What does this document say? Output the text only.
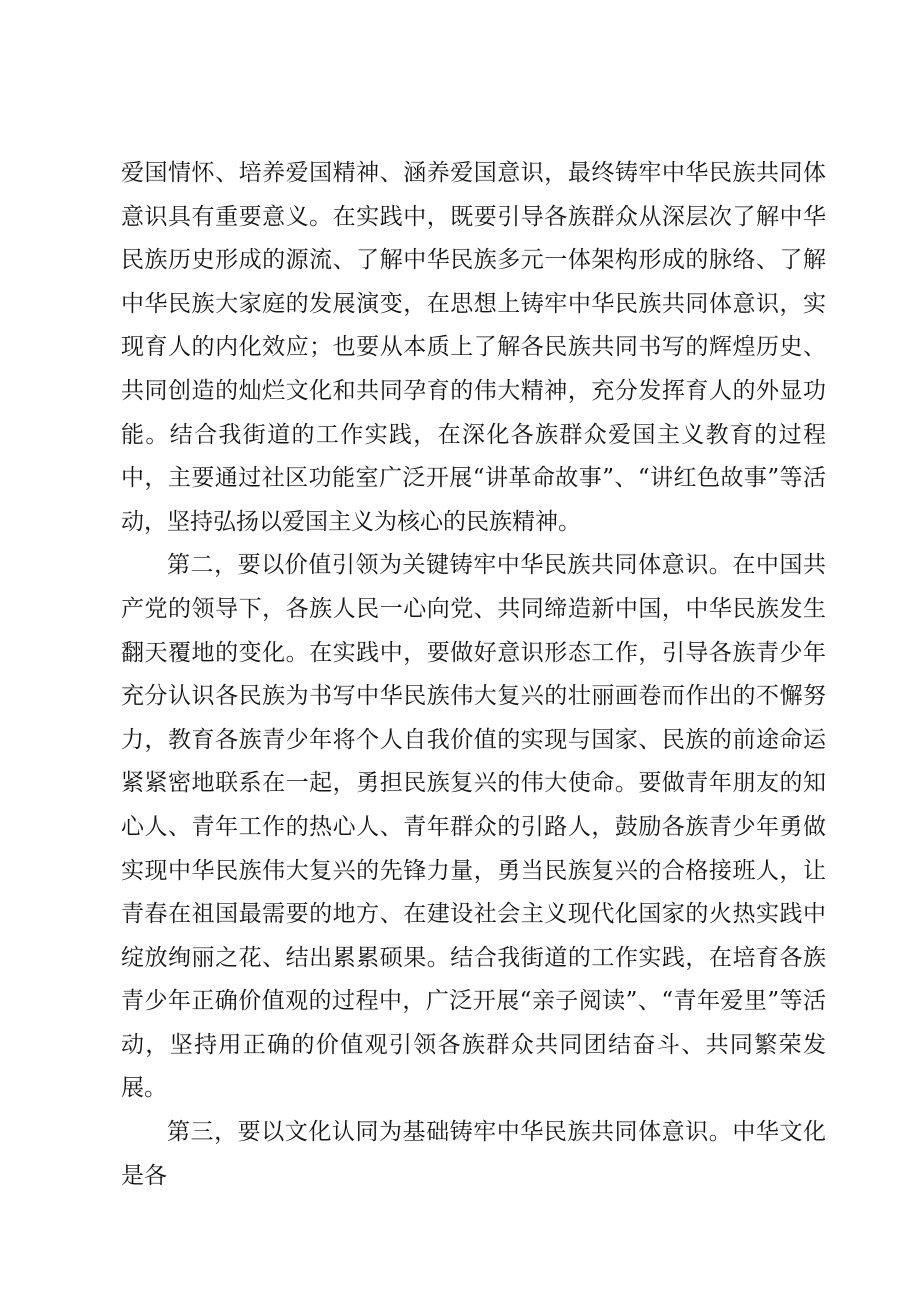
爱国情怀、培养爱国精神、涵养爱国意识，最终铸牢中华民族共同体意识具有重要意义。在实践中，既要引导各族群众从深层次了解中华民族历史形成的源流、了解中华民族多元一体架构形成的脉络、了解中华民族大家庭的发展演变，在思想上铸牢中华民族共同体意识，实现育人的内化效应；也要从本质上了解各民族共同书写的辉煌历史、共同创造的灿烂文化和共同孕育的伟大精神，充分发挥育人的外显功能。结合我街道的工作实践，在深化各族群众爱国主义教育的过程中，主要通过社区功能室广泛开展“讲革命故事”、“讲红色故事”等活动，坚持弘扬以爱国主义为核心的民族精神。

第二，要以价值引领为关键铸牢中华民族共同体意识。在中国共产党的领导下，各族人民一心向党、共同缔造新中国，中华民族发生翻天覆地的变化。在实践中，要做好意识形态工作，引导各族青少年充分认识各民族为书写中华民族伟大复兴的壮丽画卷而作出的不懈努力，教育各族青少年将个人自我价值的实现与国家、民族的前途命运紧紧密地联系在一起，勇担民族复兴的伟大使命。要做青年朋友的知心人、青年工作的热心人、青年群众的引路人，鼓励各族青少年勇做实现中华民族伟大复兴的先锋力量，勇当民族复兴的合格接班人，让青春在祖国最需要的地方、在建设社会主义现代化国家的火热实践中绽放绚丽之花、结出累累硕果。结合我街道的工作实践，在培育各族青少年正确价值观的过程中，广泛开展“亲子阅读”、“青年爱里”等活动，坚持用正确的价值观引领各族群众共同团结奋斗、共同繁荣发展。

第三，要以文化认同为基础铸牢中华民族共同体意识。中华文化是各
